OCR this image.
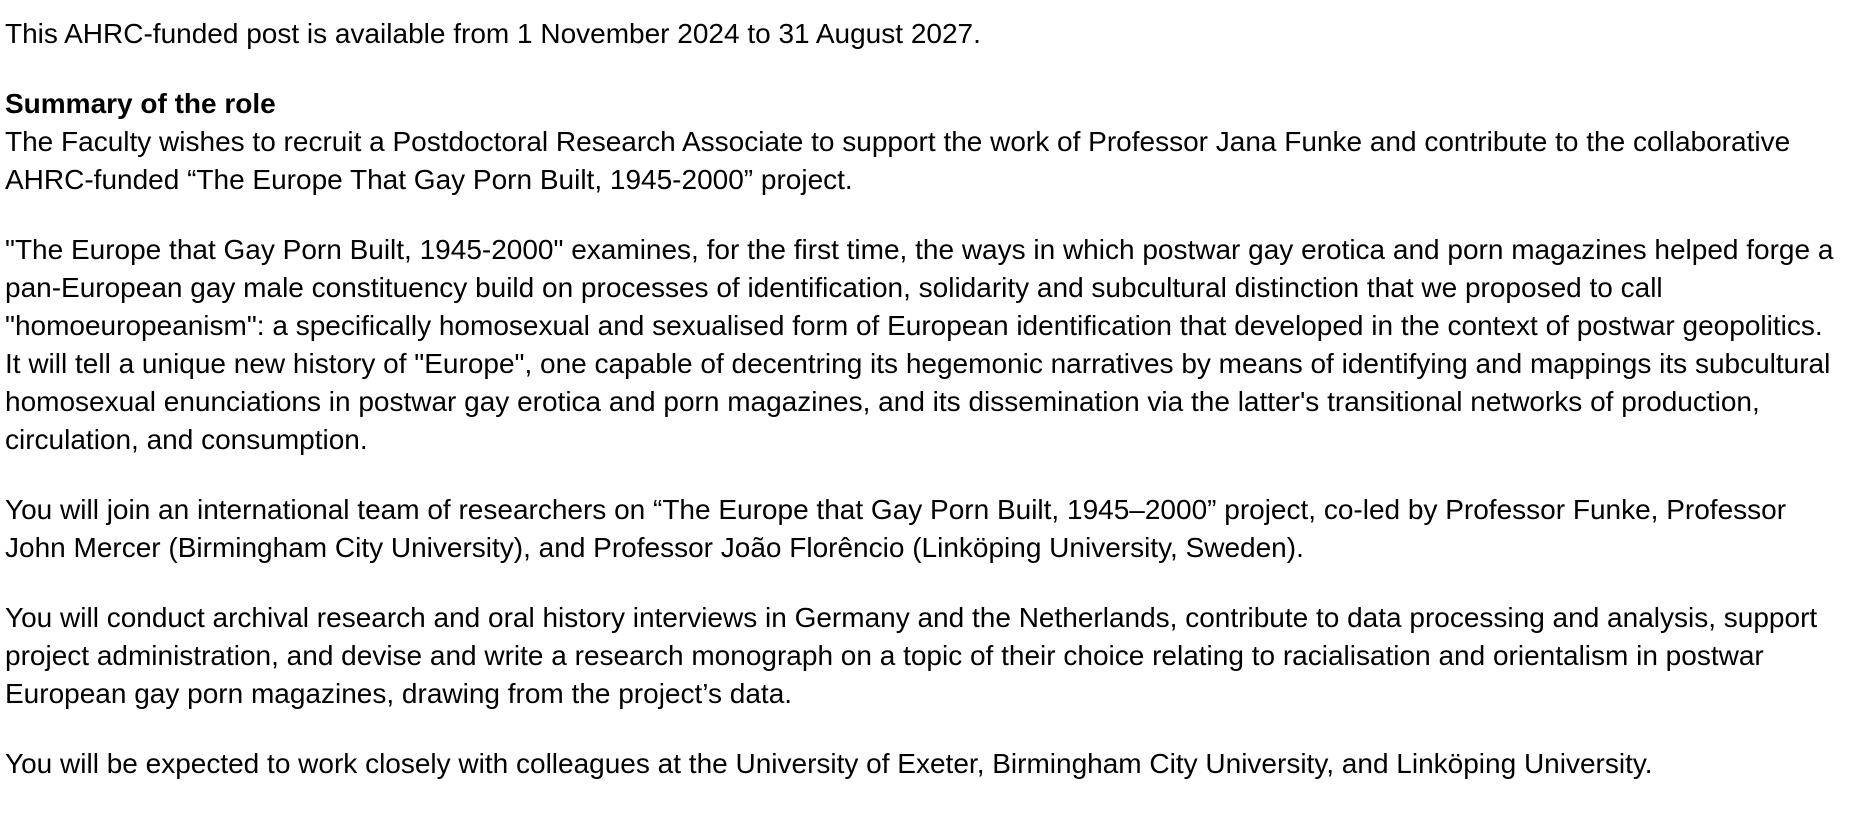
This AHRC-funded post is available from 1 November 2024 to 31 August 2027.

Summary of the role

The Faculty wishes to recruit a Postdoctoral Research Associate to support the work of Professor Jana Funke and contribute to the collaborative AHRC-funded “The Europe That Gay Porn Built, 1945-2000” project.

"The Europe that Gay Porn Built, 1945-2000" examines, for the first time, the ways in which postwar gay erotica and porn magazines helped forge a pan-European gay male constituency build on processes of identification, solidarity and subcultural distinction that we proposed to call "homoeuropeanism": a specifically homosexual and sexualised form of European identification that developed in the context of postwar geopolitics. It will tell a unique new history of "Europe", one capable of decentring its hegemonic narratives by means of identifying and mappings its subcultural homosexual enunciations in postwar gay erotica and porn magazines, and its dissemination via the latter's transitional networks of production, circulation, and consumption.

You will join an international team of researchers on “The Europe that Gay Porn Built, 1945–2000” project, co-led by Professor Funke, Professor John Mercer (Birmingham City University), and Professor João Florêncio (Linköping University, Sweden).

You will conduct archival research and oral history interviews in Germany and the Netherlands, contribute to data processing and analysis, support project administration, and devise and write a research monograph on a topic of their choice relating to racialisation and orientalism in postwar European gay porn magazines, drawing from the project’s data.

You will be expected to work closely with colleagues at the University of Exeter, Birmingham City University, and Linköping University.
